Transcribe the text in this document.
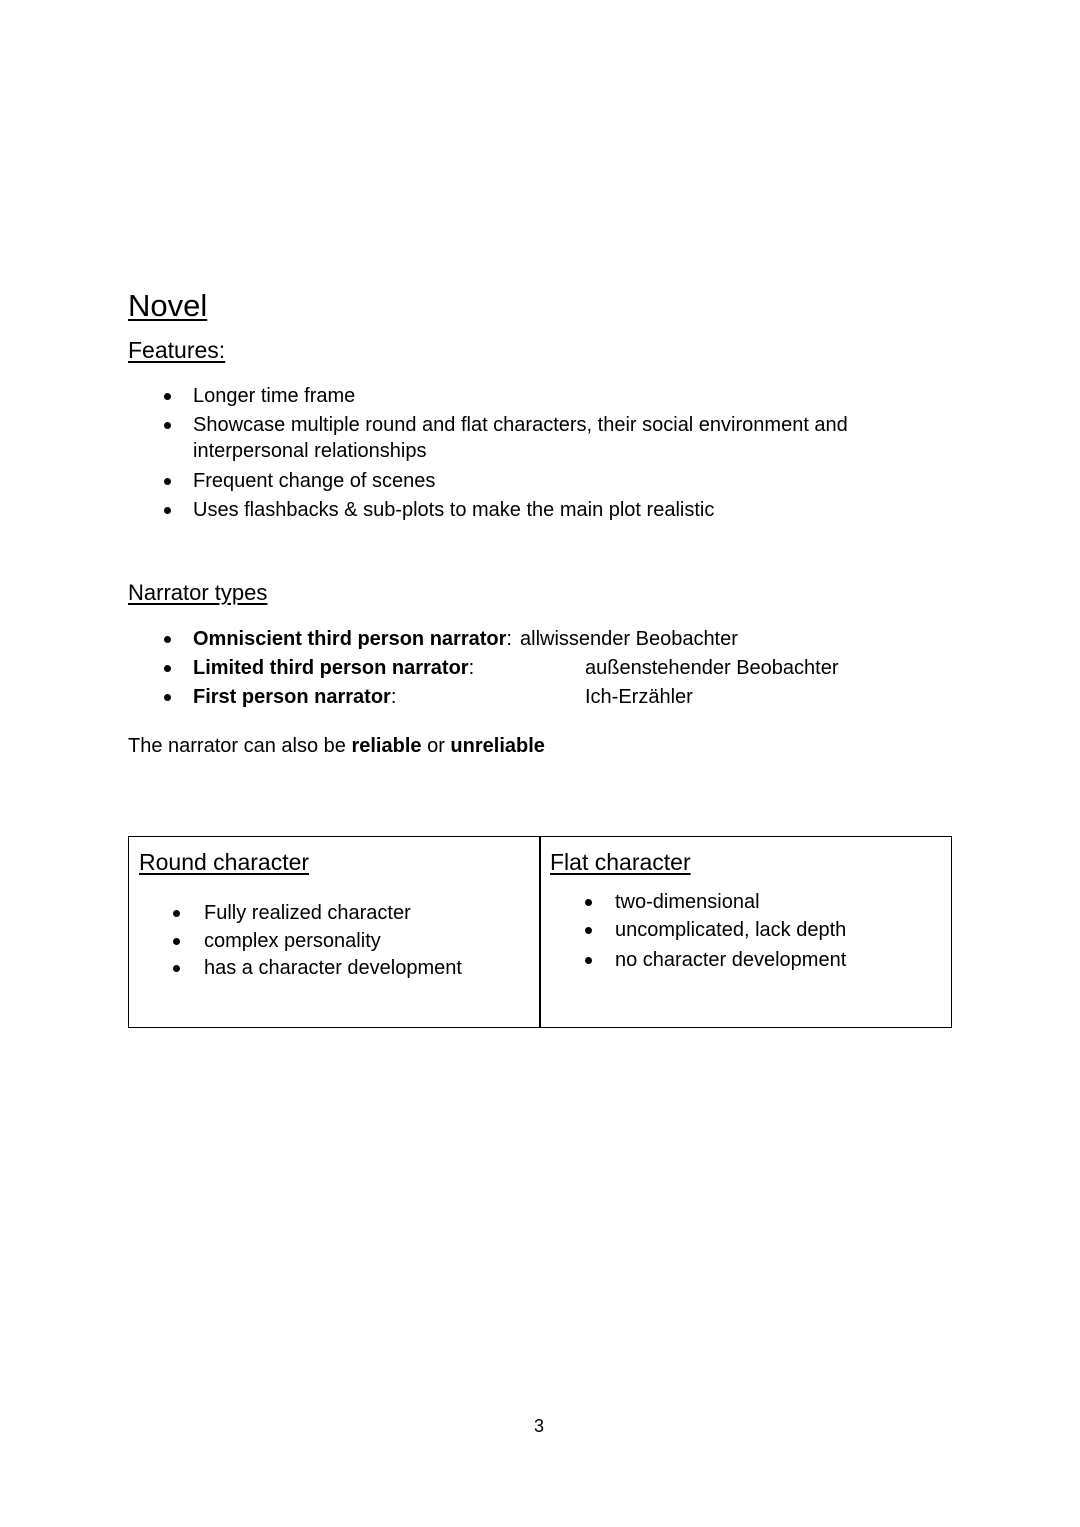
Novel
Features:
Longer time frame
Showcase multiple round and flat characters, their social environment and
interpersonal relationships
Frequent change of scenes
Uses flashbacks & sub-plots to make the main plot realistic
Narrator types
Omniscient third person narrator: allwissender Beobachter
Limited third person narrator:	außenstehender Beobachter
First person narrator:	Ich-Erzähler
The narrator can also be reliable or unreliable
Round character
Fully realized character
complex personality
has a character development
Flat character
two-dimensional
uncomplicated, lack depth
no character development
3
